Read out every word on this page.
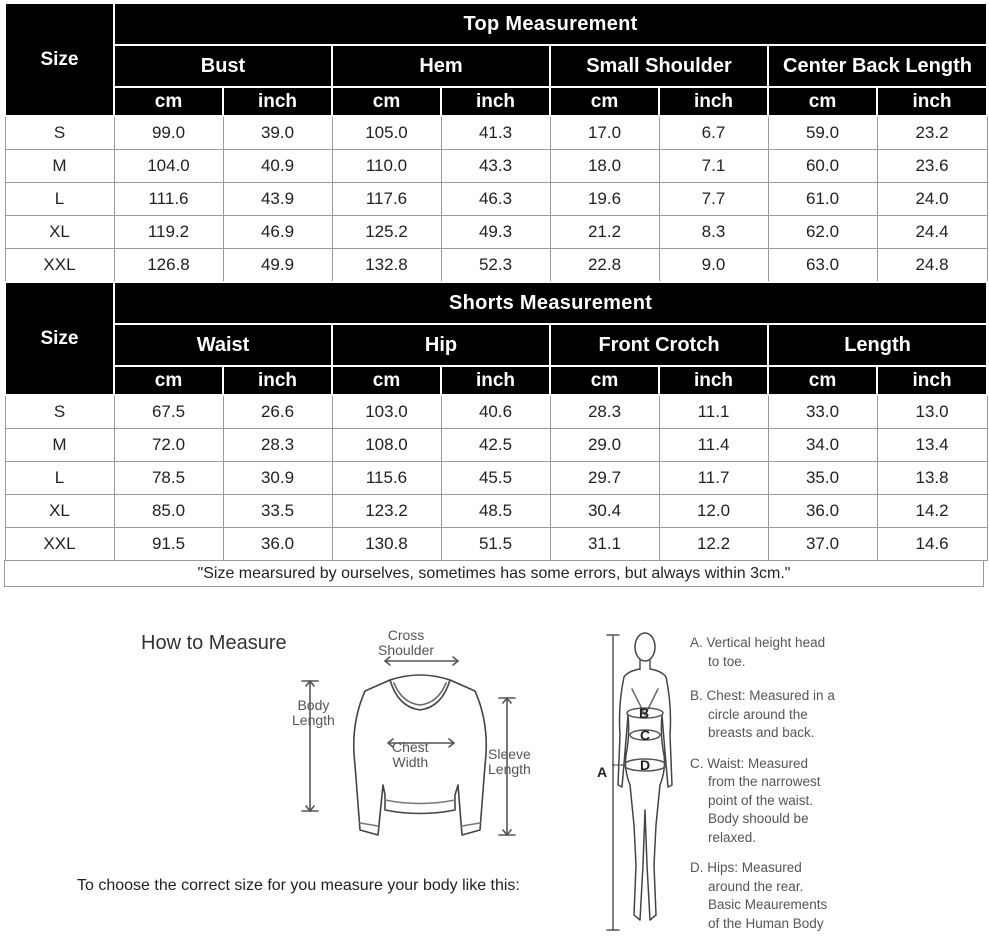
Size	Top Measurement							
	Bust		Hem		Small Shoulder		Center Back Length	
	cm	inch	cm	inch	cm	inch	cm	inch
S	99.0	39.0	105.0	41.3	17.0	6.7	59.0	23.2
M	104.0	40.9	110.0	43.3	18.0	7.1	60.0	23.6
L	111.6	43.9	117.6	46.3	19.6	7.7	61.0	24.0
XL	119.2	46.9	125.2	49.3	21.2	8.3	62.0	24.4
XXL	126.8	49.9	132.8	52.3	22.8	9.0	63.0	24.8
Size	Shorts Measurement							
	Waist		Hip		Front Crotch		Length	
	cm	inch	cm	inch	cm	inch	cm	inch
S	67.5	26.6	103.0	40.6	28.3	11.1	33.0	13.0
M	72.0	28.3	108.0	42.5	29.0	11.4	34.0	13.4
L	78.5	30.9	115.6	45.5	29.7	11.7	35.0	13.8
XL	85.0	33.5	123.2	48.5	30.4	12.0	36.0	14.2
XXL	91.5	36.0	130.8	51.5	31.1	12.2	37.0	14.6
"Size mearsured by ourselves, sometimes has some errors, but always within 3cm."
How to Measure	Cross
Shoulder
Body
Length
Chest
Width	Sleeve
Length
To choose the correct size for you measure your body like this:
B
C
D
A
A. Vertical height head
to toe.
B. Chest: Measured in a
circle around the
breasts and back.
C. Waist: Measured
from the narrowest
point of the waist.
Body shoould be
relaxed.
D. Hips: Measured
around the rear.
Basic Meaurements
of the Human Body
